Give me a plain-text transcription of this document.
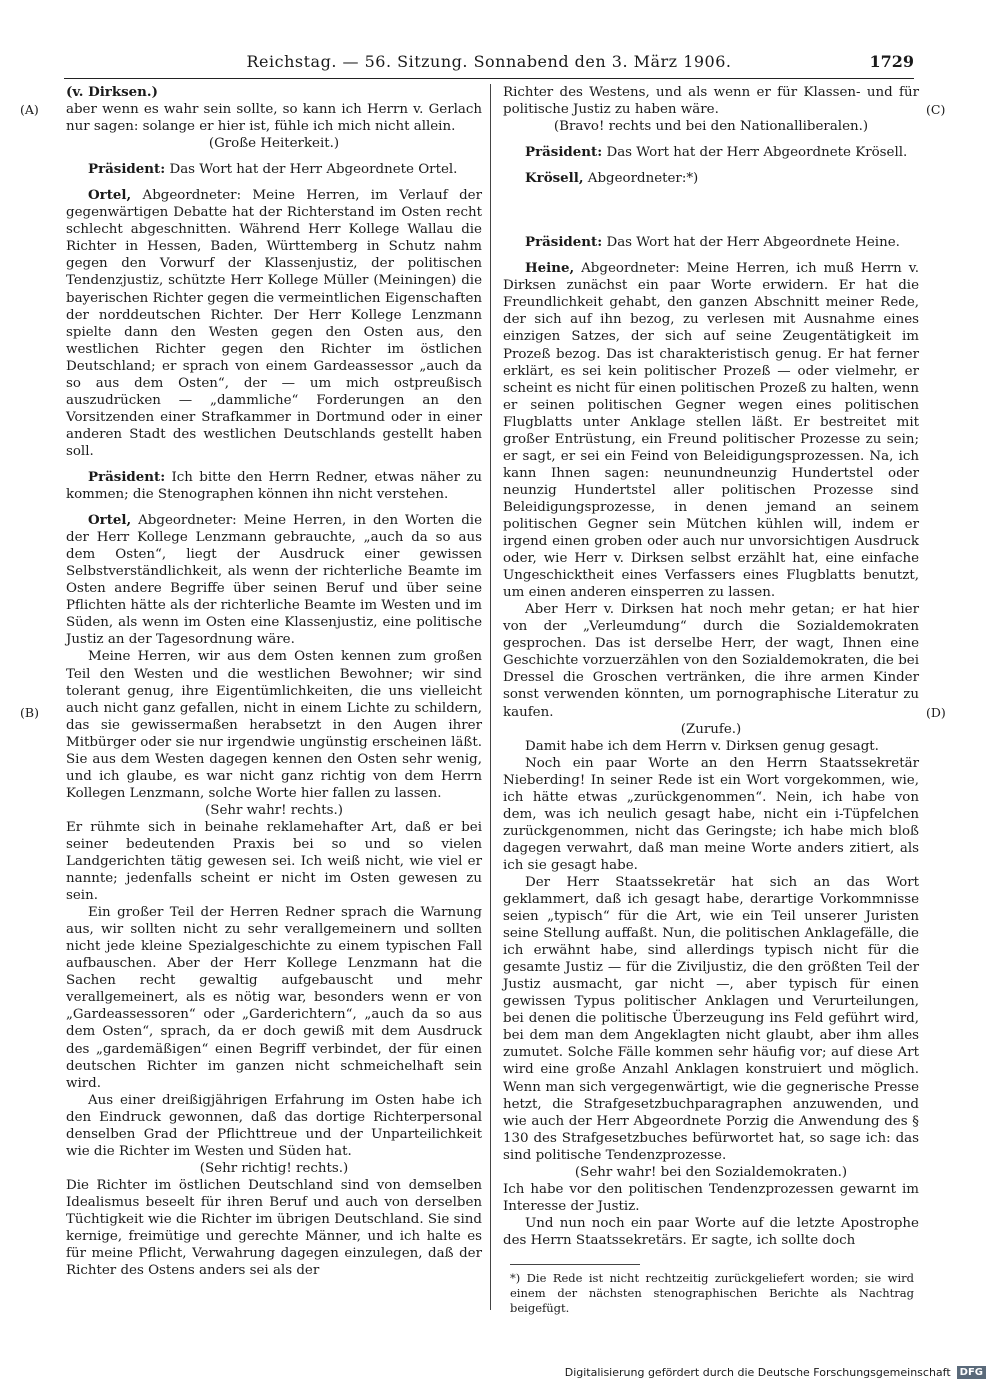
Reichstag. — 56. Sitzung. Sonnabend den 3. März 1906.	1729
(A)
(B)
(C)
(D)

(v. Dirksen.)

aber wenn es wahr sein sollte, so kann ich Herrn v. Gerlach nur sagen: solange er hier ist, fühle ich mich nicht allein.

(Große Heiterkeit.)

Präsident: Das Wort hat der Herr Abgeordnete Ortel.

Ortel, Abgeordneter: Meine Herren, im Verlauf der gegenwärtigen Debatte hat der Richterstand im Osten recht schlecht abgeschnitten. Während Herr Kollege Wallau die Richter in Hessen, Baden, Württemberg in Schutz nahm gegen den Vorwurf der Klassenjustiz, der politischen Tendenzjustiz, schützte Herr Kollege Müller (Meiningen) die bayerischen Richter gegen die vermeintlichen Eigenschaften der norddeutschen Richter. Der Herr Kollege Lenzmann spielte dann den Westen gegen den Osten aus, den westlichen Richter gegen den Richter im östlichen Deutschland; er sprach von einem Gardeassessor „auch da so aus dem Osten“, der — um mich ostpreußisch auszudrücken — „dammliche“ Forderungen an den Vorsitzenden einer Strafkammer in Dortmund oder in einer anderen Stadt des westlichen Deutschlands gestellt haben soll.

Präsident: Ich bitte den Herrn Redner, etwas näher zu kommen; die Stenographen können ihn nicht verstehen.

Ortel, Abgeordneter: Meine Herren, in den Worten die der Herr Kollege Lenzmann gebrauchte, „auch da so aus dem Osten“, liegt der Ausdruck einer gewissen Selbstverständlichkeit, als wenn der richterliche Beamte im Osten andere Begriffe über seinen Beruf und über seine Pflichten hätte als der richterliche Beamte im Westen und im Süden, als wenn im Osten eine Klassenjustiz, eine politische Justiz an der Tagesordnung wäre.

Meine Herren, wir aus dem Osten kennen zum großen Teil den Westen und die westlichen Bewohner; wir sind tolerant genug, ihre Eigentümlichkeiten, die uns vielleicht auch nicht ganz gefallen, nicht in einem Lichte zu schildern, das sie gewissermaßen herabsetzt in den Augen ihrer Mitbürger oder sie nur irgendwie ungünstig erscheinen läßt. Sie aus dem Westen dagegen kennen den Osten sehr wenig, und ich glaube, es war nicht ganz richtig von dem Herrn Kollegen Lenzmann, solche Worte hier fallen zu lassen.

(Sehr wahr! rechts.)

Er rühmte sich in beinahe reklamehafter Art, daß er bei seiner bedeutenden Praxis bei so und so vielen Landgerichten tätig gewesen sei. Ich weiß nicht, wie viel er nannte; jedenfalls scheint er nicht im Osten gewesen zu sein.

Ein großer Teil der Herren Redner sprach die Warnung aus, wir sollten nicht zu sehr verallgemeinern und sollten nicht jede kleine Spezialgeschichte zu einem typischen Fall aufbauschen. Aber der Herr Kollege Lenzmann hat die Sachen recht gewaltig aufgebauscht und mehr verallgemeinert, als es nötig war, besonders wenn er von „Gardeassessoren“ oder „Garderichtern“, „auch da so aus dem Osten“, sprach, da er doch gewiß mit dem Ausdruck des „gardemäßigen“ einen Begriff verbindet, der für einen deutschen Richter im ganzen nicht schmeichelhaft sein wird.

Aus einer dreißigjährigen Erfahrung im Osten habe ich den Eindruck gewonnen, daß das dortige Richterpersonal denselben Grad der Pflichttreue und der Unparteilichkeit wie die Richter im Westen und Süden hat.

(Sehr richtig! rechts.)

Die Richter im östlichen Deutschland sind von demselben Idealismus beseelt für ihren Beruf und auch von derselben Tüchtigkeit wie die Richter im übrigen Deutschland. Sie sind kernige, freimütige und gerechte Männer, und ich halte es für meine Pflicht, Verwahrung dagegen einzulegen, daß der Richter des Ostens anders sei als der

Richter des Westens, und als wenn er für Klassen- und für politische Justiz zu haben wäre.

(Bravo! rechts und bei den Nationalliberalen.)

Präsident: Das Wort hat der Herr Abgeordnete Krösell.

Krösell, Abgeordneter:*)

Präsident: Das Wort hat der Herr Abgeordnete Heine.

Heine, Abgeordneter: Meine Herren, ich muß Herrn v. Dirksen zunächst ein paar Worte erwidern. Er hat die Freundlichkeit gehabt, den ganzen Abschnitt meiner Rede, der sich auf ihn bezog, zu verlesen mit Ausnahme eines einzigen Satzes, der sich auf seine Zeugentätigkeit im Prozeß bezog. Das ist charakteristisch genug. Er hat ferner erklärt, es sei kein politischer Prozeß — oder vielmehr, er scheint es nicht für einen politischen Prozeß zu halten, wenn er seinen politischen Gegner wegen eines politischen Flugblatts unter Anklage stellen läßt. Er bestreitet mit großer Entrüstung, ein Freund politischer Prozesse zu sein; er sagt, er sei ein Feind von Beleidigungsprozessen. Na, ich kann Ihnen sagen: neunundneunzig Hundertstel oder neunzig Hundertstel aller politischen Prozesse sind Beleidigungsprozesse, in denen jemand an seinem politischen Gegner sein Mütchen kühlen will, indem er irgend einen groben oder auch nur unvorsichtigen Ausdruck oder, wie Herr v. Dirksen selbst erzählt hat, eine einfache Ungeschicktheit eines Verfassers eines Flugblatts benutzt, um einen anderen einsperren zu lassen.

Aber Herr v. Dirksen hat noch mehr getan; er hat hier von der „Verleumdung“ durch die Sozialdemokraten gesprochen. Das ist derselbe Herr, der wagt, Ihnen eine Geschichte vorzuerzählen von den Sozialdemokraten, die bei Dressel die Groschen vertränken, die ihre armen Kinder sonst verwenden könnten, um pornographische Literatur zu kaufen.

(Zurufe.)

Damit habe ich dem Herrn v. Dirksen genug gesagt.

Noch ein paar Worte an den Herrn Staatssekretär Nieberding! In seiner Rede ist ein Wort vorgekommen, wie, ich hätte etwas „zurückgenommen“. Nein, ich habe von dem, was ich neulich gesagt habe, nicht ein i-Tüpfelchen zurückgenommen, nicht das Geringste; ich habe mich bloß dagegen verwahrt, daß man meine Worte anders zitiert, als ich sie gesagt habe.

Der Herr Staatssekretär hat sich an das Wort geklammert, daß ich gesagt habe, derartige Vorkommnisse seien „typisch“ für die Art, wie ein Teil unserer Juristen seine Stellung auffaßt. Nun, die politischen Anklagefälle, die ich erwähnt habe, sind allerdings typisch nicht für die gesamte Justiz — für die Ziviljustiz, die den größten Teil der Justiz ausmacht, gar nicht —, aber typisch für einen gewissen Typus politischer Anklagen und Verurteilungen, bei denen die politische Überzeugung ins Feld geführt wird, bei dem man dem Angeklagten nicht glaubt, aber ihm alles zumutet. Solche Fälle kommen sehr häufig vor; auf diese Art wird eine große Anzahl Anklagen konstruiert und möglich. Wenn man sich vergegenwärtigt, wie die gegnerische Presse hetzt, die Strafgesetzbuchparagraphen anzuwenden, und wie auch der Herr Abgeordnete Porzig die Anwendung des § 130 des Strafgesetzbuches befürwortet hat, so sage ich: das sind politische Tendenzprozesse.

(Sehr wahr! bei den Sozialdemokraten.)

Ich habe vor den politischen Tendenzprozessen gewarnt im Interesse der Justiz.

Und nun noch ein paar Worte auf die letzte Apostrophe des Herrn Staatssekretärs. Er sagte, ich sollte doch

*) Die Rede ist nicht rechtzeitig zurückgeliefert worden; sie wird einem der nächsten stenographischen Berichte als Nachtrag beigefügt.
Digitalisierung gefördert durch die Deutsche Forschungsgemeinschaft DFG
